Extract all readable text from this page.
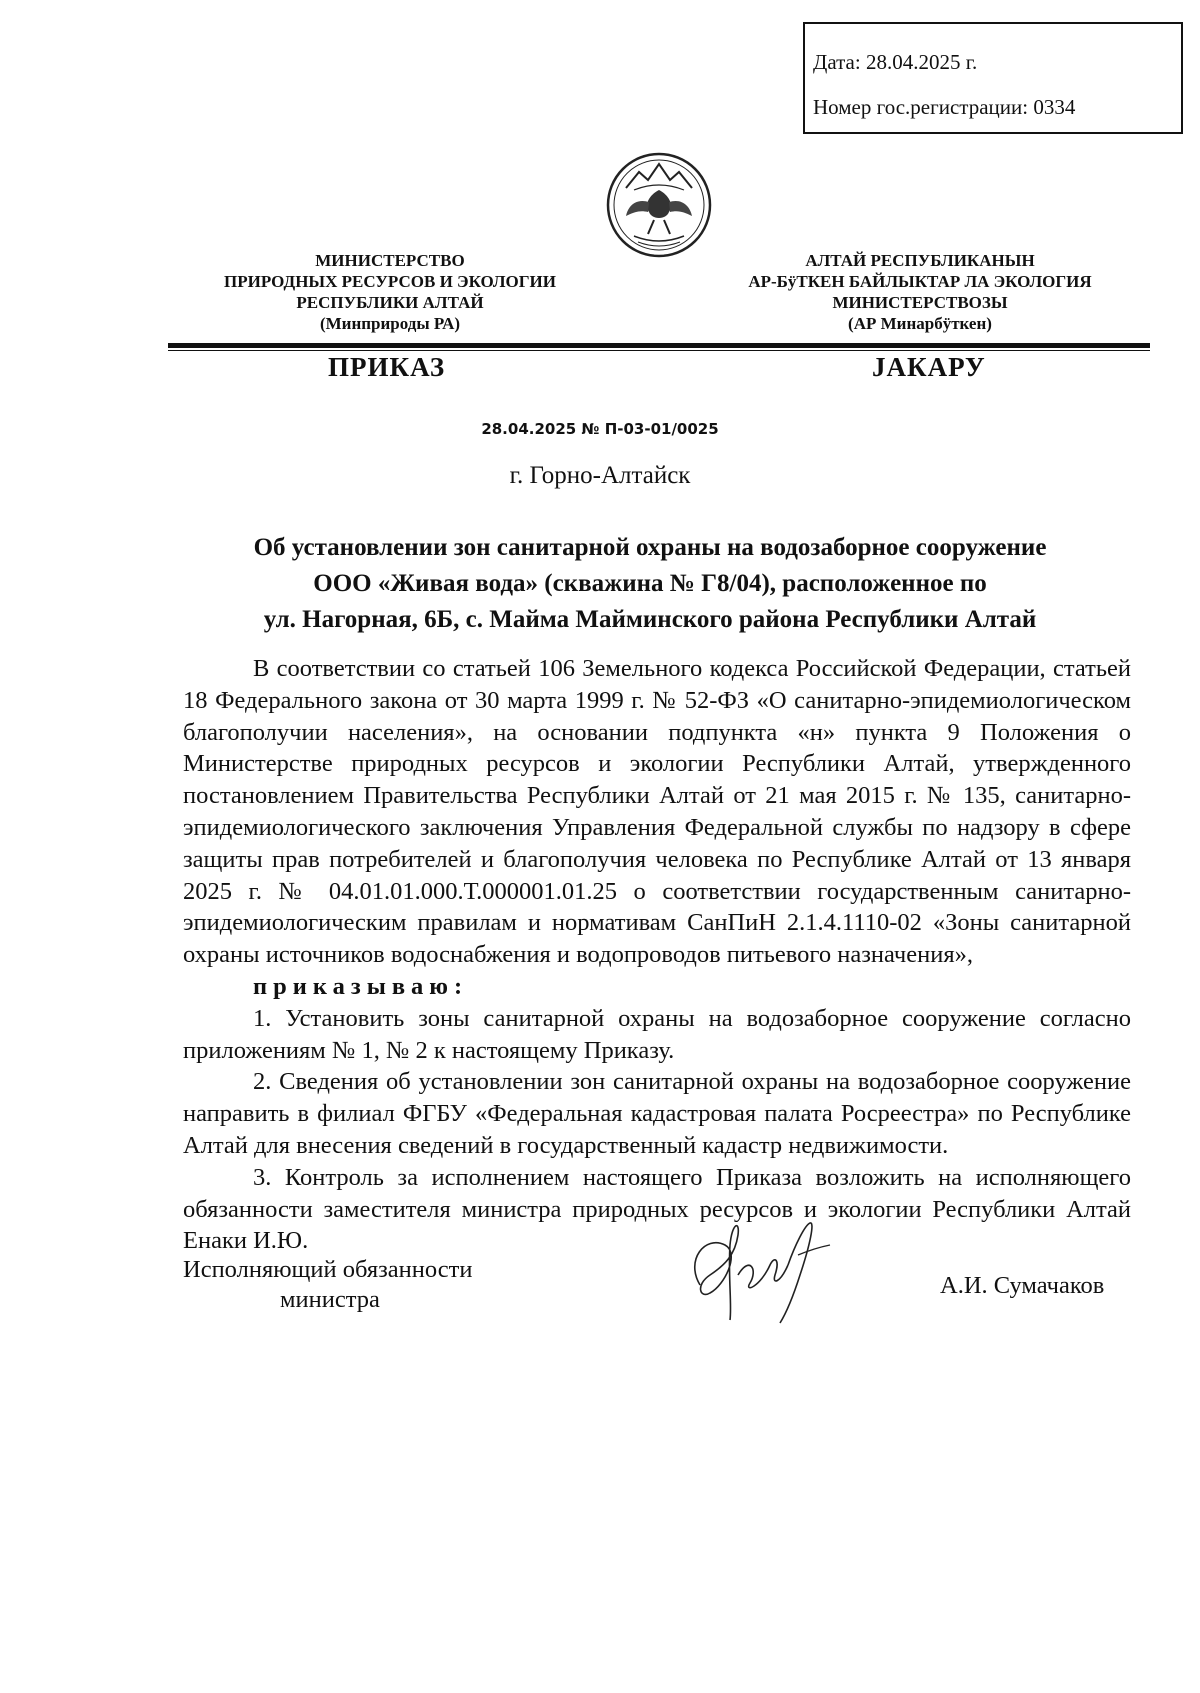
Дата: 28.04.2025 г.
Номер гос.регистрации: 0334
МИНИСТЕРСТВО
ПРИРОДНЫХ РЕСУРСОВ И ЭКОЛОГИИ
РЕСПУБЛИКИ АЛТАЙ
(Минприроды РА)
АЛТАЙ РЕСПУБЛИКАНЫН
АР-БÿТКЕН БАЙЛЫКТАР ЛА ЭКОЛОГИЯ
МИНИСТЕРСТВОЗЫ
(АР Минарбÿткен)
ПРИКАЗ	JАКАРУ
28.04.2025 № П-03-01/0025
г. Горно-Алтайск
Об установлении зон санитарной охраны на водозаборное сооружение
ООО «Живая вода» (скважина № Г8/04), расположенное по
ул. Нагорная, 6Б, с. Майма Майминского района Республики Алтай

В соответствии со статьей 106 Земельного кодекса Российской Федерации, статьей 18 Федерального закона от 30 марта 1999 г. № 52-ФЗ «О санитарно-эпидемиологическом благополучии населения», на основании подпункта «н» пункта 9 Положения о Министерстве природных ресурсов и экологии Республики Алтай, утвержденного постановлением Правительства Республики Алтай от 21 мая 2015 г. № 135, санитарно-эпидемиологического заключения Управления Федеральной службы по надзору в сфере защиты прав потребителей и благополучия человека по Республике Алтай от 13 января 2025 г. № 04.01.01.000.Т.000001.01.25 о соответствии государственным санитарно-эпидемиологическим правилам и нормативам СанПиН 2.1.4.1110-02 «Зоны санитарной охраны источников водоснабжения и водопроводов питьевого назначения»,

приказываю:

1. Установить зоны санитарной охраны на водозаборное сооружение согласно приложениям № 1, № 2 к настоящему Приказу.

2. Сведения об установлении зон санитарной охраны на водозаборное сооружение направить в филиал ФГБУ «Федеральная кадастровая палата Росреестра» по Республике Алтай для внесения сведений в государственный кадастр недвижимости.

3. Контроль за исполнением настоящего Приказа возложить на исполняющего обязанности заместителя министра природных ресурсов и экологии Республики Алтай Енаки И.Ю.

Исполняющий обязанности
министра
А.И. Сумачаков
